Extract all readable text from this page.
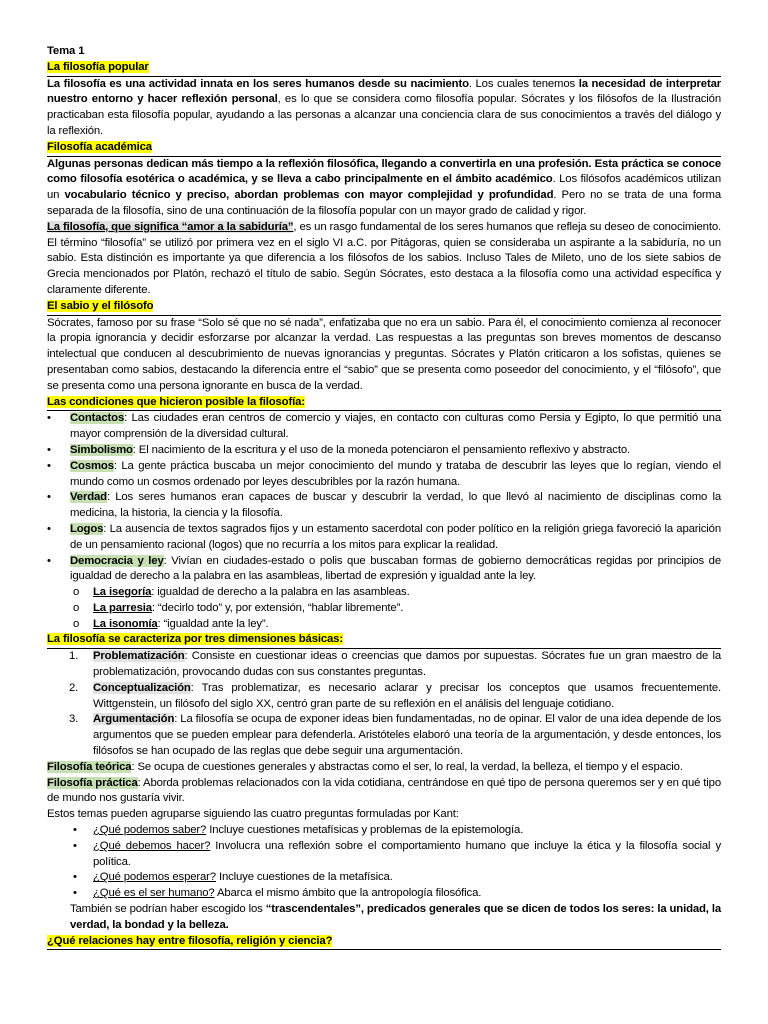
Tema 1

La filosofía popular

La filosofía es una actividad innata en los seres humanos desde su nacimiento. Los cuales tenemos la necesidad de interpretar nuestro entorno y hacer reflexión personal, es lo que se considera como filosofía popular. Sócrates y los filósofos de la Ilustración practicaban esta filosofía popular, ayudando a las personas a alcanzar una conciencia clara de sus conocimientos a través del diálogo y la reflexión.

Filosofía académica

Algunas personas dedican más tiempo a la reflexión filosófica, llegando a convertirla en una profesión. Esta práctica se conoce como filosofía esotérica o académica, y se lleva a cabo principalmente en el ámbito académico. Los filósofos académicos utilizan un vocabulario técnico y preciso, abordan problemas con mayor complejidad y profundidad. Pero no se trata de una forma separada de la filosofía, sino de una continuación de la filosofía popular con un mayor grado de calidad y rigor.

La filosofía, que significa “amor a la sabiduría”, es un rasgo fundamental de los seres humanos que refleja su deseo de conocimiento. El término “filosofía” se utilizó por primera vez en el siglo VI a.C. por Pitágoras, quien se consideraba un aspirante a la sabiduría, no un sabio. Esta distinción es importante ya que diferencia a los filósofos de los sabios. Incluso Tales de Mileto, uno de los siete sabios de Grecia mencionados por Platón, rechazó el título de sabio. Según Sócrates, esto destaca a la filosofía como una actividad específica y claramente diferente.

El sabio y el filósofo

Sócrates, famoso por su frase “Solo sé que no sé nada”, enfatizaba que no era un sabio. Para él, el conocimiento comienza al reconocer la propia ignorancia y decidir esforzarse por alcanzar la verdad. Las respuestas a las preguntas son breves momentos de descanso intelectual que conducen al descubrimiento de nuevas ignorancias y preguntas. Sócrates y Platón criticaron a los sofistas, quienes se presentaban como sabios, destacando la diferencia entre el “sabio” que se presenta como poseedor del conocimiento, y el “filósofo”, que se presenta como una persona ignorante en busca de la verdad.

Las condiciones que hicieron posible la filosofía:
• Contactos: Las ciudades eran centros de comercio y viajes, en contacto con culturas como Persia y Egipto, lo que permitió una mayor comprensión de la diversidad cultural.
• Simbolismo: El nacimiento de la escritura y el uso de la moneda potenciaron el pensamiento reflexivo y abstracto.
• Cosmos: La gente práctica buscaba un mejor conocimiento del mundo y trataba de descubrir las leyes que lo regían, viendo el mundo como un cosmos ordenado por leyes descubribles por la razón humana.
• Verdad: Los seres humanos eran capaces de buscar y descubrir la verdad, lo que llevó al nacimiento de disciplinas como la medicina, la historia, la ciencia y la filosofía.
• Logos: La ausencia de textos sagrados fijos y un estamento sacerdotal con poder político en la religión griega favoreció la aparición de un pensamiento racional (logos) que no recurría a los mitos para explicar la realidad.
• Democracia y ley: Vivían en ciudades-estado o polis que buscaban formas de gobierno democráticas regidas por principios de igualdad de derecho a la palabra en las asambleas, libertad de expresión y igualdad ante la ley.
o La isegoría: igualdad de derecho a la palabra en las asambleas.
o La parresia: “decirlo todo” y, por extensión, “hablar libremente”.
o La isonomía: “igualdad ante la ley”.
La filosofía se caracteriza por tres dimensiones básicas:
1. Problematización: Consiste en cuestionar ideas o creencias que damos por supuestas. Sócrates fue un gran maestro de la problematización, provocando dudas con sus constantes preguntas.
2. Conceptualización: Tras problematizar, es necesario aclarar y precisar los conceptos que usamos frecuentemente. Wittgenstein, un filósofo del siglo XX, centró gran parte de su reflexión en el análisis del lenguaje cotidiano.
3. Argumentación: La filosofía se ocupa de exponer ideas bien fundamentadas, no de opinar. El valor de una idea depende de los argumentos que se pueden emplear para defenderla. Aristóteles elaboró una teoría de la argumentación, y desde entonces, los filósofos se han ocupado de las reglas que debe seguir una argumentación.

Filosofía teórica: Se ocupa de cuestiones generales y abstractas como el ser, lo real, la verdad, la belleza, el tiempo y el espacio.

Filosofía práctica: Aborda problemas relacionados con la vida cotidiana, centrándose en qué tipo de persona queremos ser y en qué tipo de mundo nos gustaría vivir.

Estos temas pueden agruparse siguiendo las cuatro preguntas formuladas por Kant:

• ¿Qué podemos saber? Incluye cuestiones metafísicas y problemas de la epistemología.
• ¿Qué debemos hacer? Involucra una reflexión sobre el comportamiento humano que incluye la ética y la filosofía social y política.
• ¿Qué podemos esperar? Incluye cuestiones de la metafísica.
• ¿Qué es el ser humano? Abarca el mismo ámbito que la antropología filosófica.

También se podrían haber escogido los “trascendentales”, predicados generales que se dicen de todos los seres: la unidad, la verdad, la bondad y la belleza.

¿Qué relaciones hay entre filosofía, religión y ciencia?
